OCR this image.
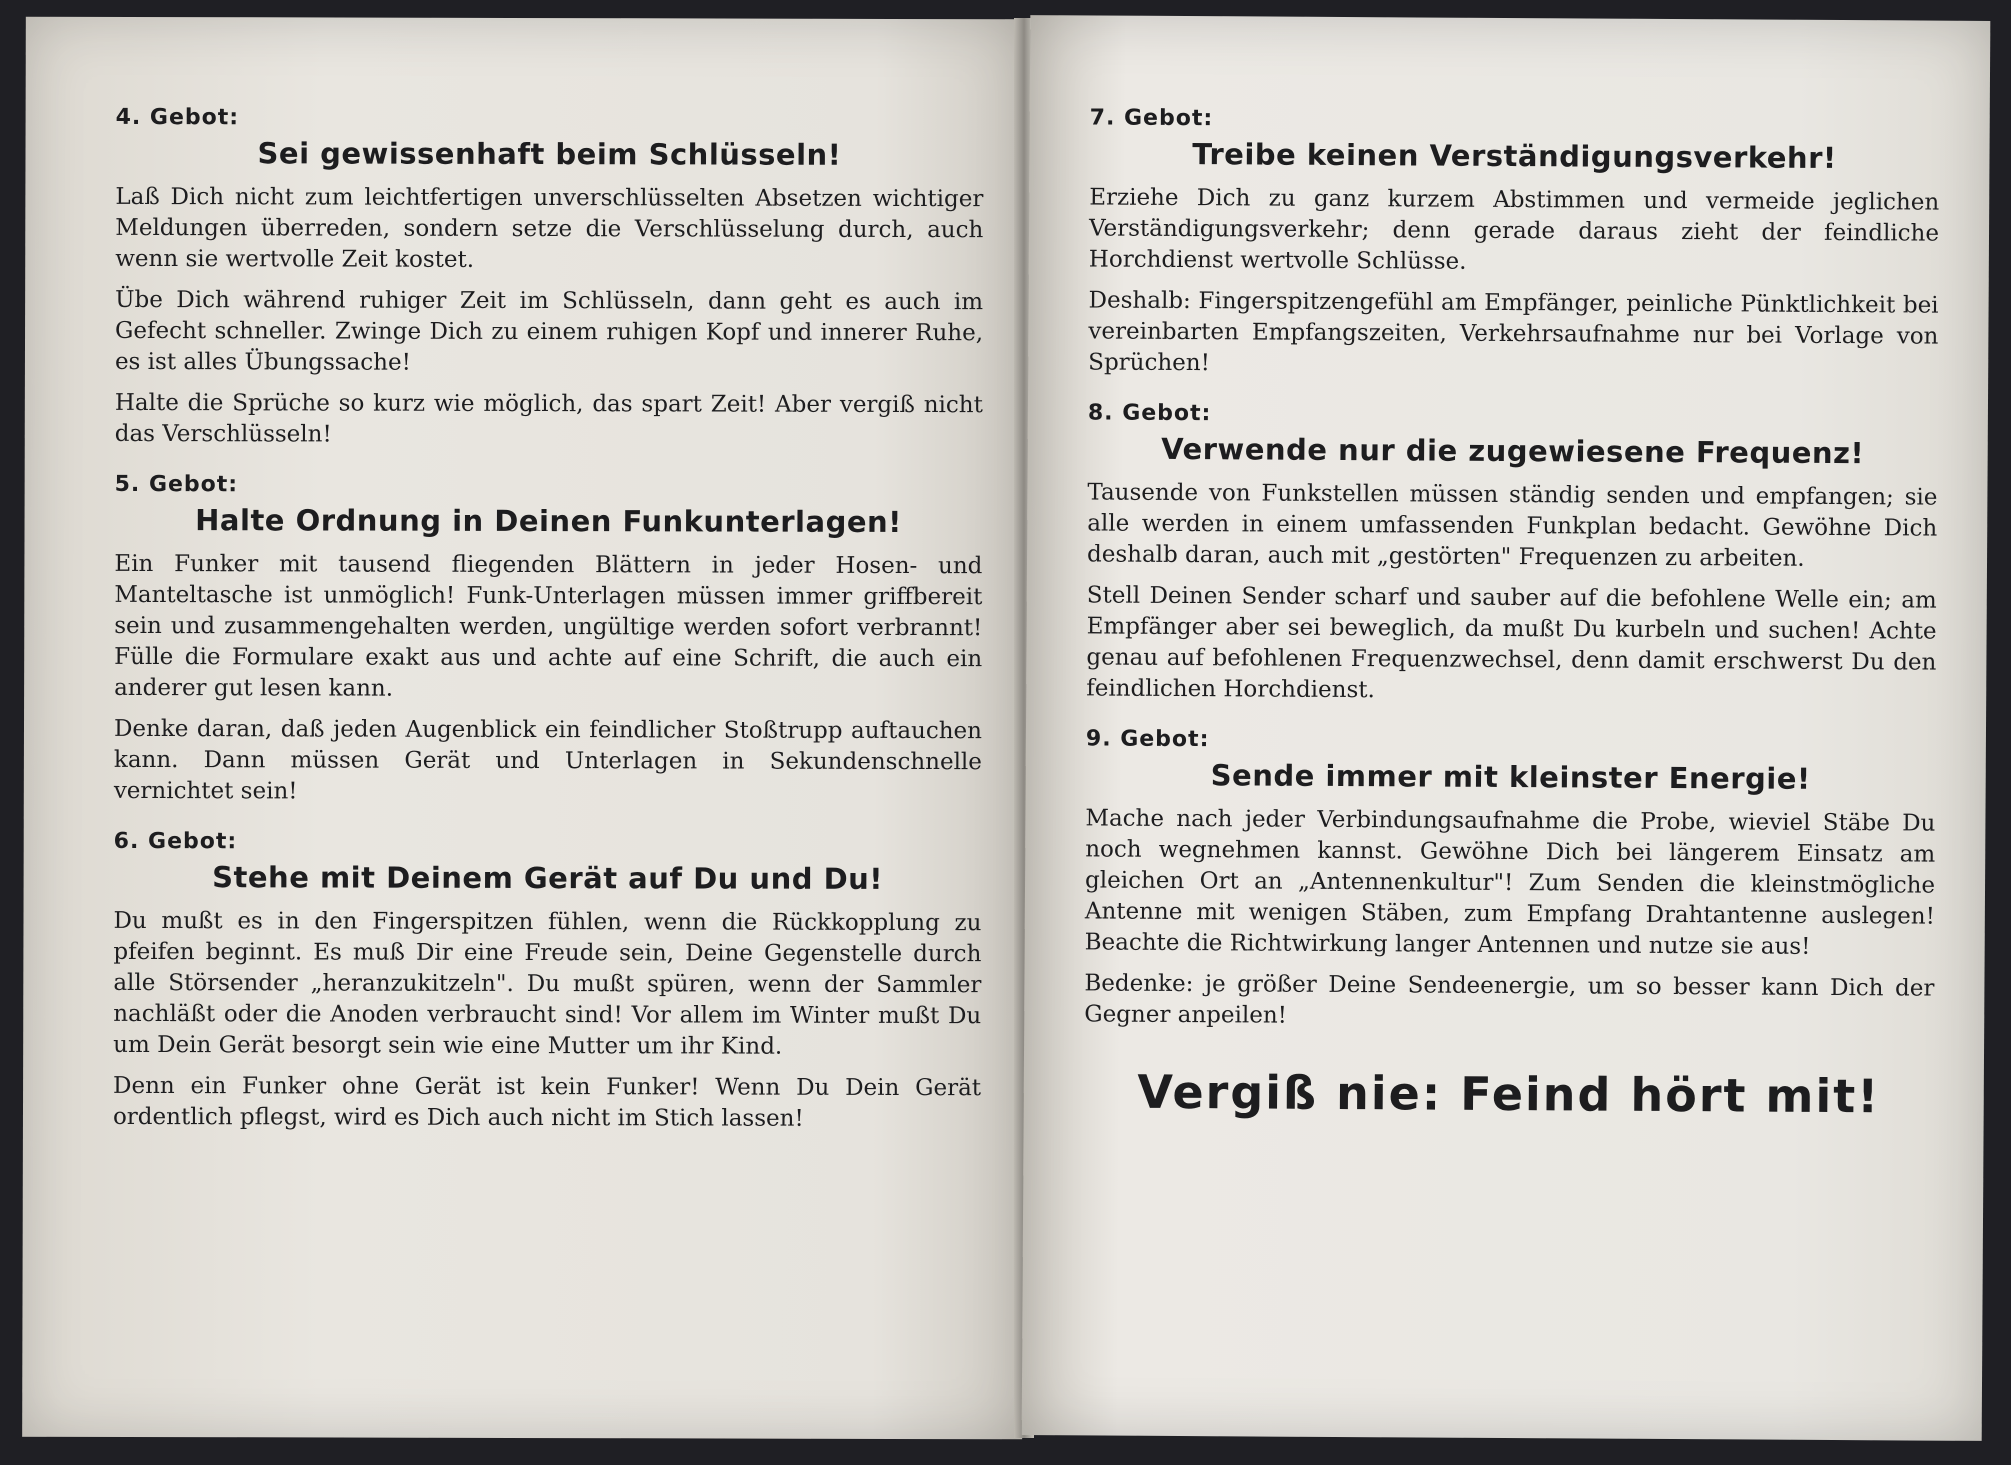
4. Gebot:
Sei gewissenhaft beim Schlüsseln!

Laß Dich nicht zum leichtfertigen unverschlüsselten Absetzen wichtiger Meldungen überreden, sondern setze die Verschlüsselung durch, auch wenn sie wertvolle Zeit kostet.

Übe Dich während ruhiger Zeit im Schlüsseln, dann geht es auch im Gefecht schneller. Zwinge Dich zu einem ruhigen Kopf und innerer Ruhe, es ist alles Übungssache!

Halte die Sprüche so kurz wie möglich, das spart Zeit! Aber vergiß nicht das Verschlüsseln!

5. Gebot:
Halte Ordnung in Deinen Funkunterlagen!

Ein Funker mit tausend fliegenden Blättern in jeder Hosen- und Manteltasche ist unmöglich! Funk-Unterlagen müssen immer griffbereit sein und zusammengehalten werden, ungültige werden sofort verbrannt! Fülle die Formulare exakt aus und achte auf eine Schrift, die auch ein anderer gut lesen kann.

Denke daran, daß jeden Augenblick ein feindlicher Stoßtrupp auftauchen kann. Dann müssen Gerät und Unterlagen in Sekundenschnelle vernichtet sein!

6. Gebot:
Stehe mit Deinem Gerät auf Du und Du!

Du mußt es in den Fingerspitzen fühlen, wenn die Rückkopplung zu pfeifen beginnt. Es muß Dir eine Freude sein, Deine Gegenstelle durch alle Störsender „heranzukitzeln". Du mußt spüren, wenn der Sammler nachläßt oder die Anoden verbraucht sind! Vor allem im Winter mußt Du um Dein Gerät besorgt sein wie eine Mutter um ihr Kind.

Denn ein Funker ohne Gerät ist kein Funker! Wenn Du Dein Gerät ordentlich pflegst, wird es Dich auch nicht im Stich lassen!

7. Gebot:
Treibe keinen Verständigungsverkehr!

Erziehe Dich zu ganz kurzem Abstimmen und vermeide jeglichen Verständigungsverkehr; denn gerade daraus zieht der feindliche Horchdienst wertvolle Schlüsse.

Deshalb: Fingerspitzengefühl am Empfänger, peinliche Pünktlichkeit bei vereinbarten Empfangszeiten, Verkehrsaufnahme nur bei Vorlage von Sprüchen!

8. Gebot:
Verwende nur die zugewiesene Frequenz!

Tausende von Funkstellen müssen ständig senden und empfangen; sie alle werden in einem umfassenden Funkplan bedacht. Gewöhne Dich deshalb daran, auch mit „gestörten" Frequenzen zu arbeiten.

Stell Deinen Sender scharf und sauber auf die befohlene Welle ein; am Empfänger aber sei beweglich, da mußt Du kurbeln und suchen! Achte genau auf befohlenen Frequenzwechsel, denn damit erschwerst Du den feindlichen Horchdienst.

9. Gebot:
Sende immer mit kleinster Energie!

Mache nach jeder Verbindungsaufnahme die Probe, wieviel Stäbe Du noch wegnehmen kannst. Gewöhne Dich bei längerem Einsatz am gleichen Ort an „Antennenkultur"! Zum Senden die kleinstmögliche Antenne mit wenigen Stäben, zum Empfang Drahtantenne auslegen! Beachte die Richtwirkung langer Antennen und nutze sie aus!

Bedenke: je größer Deine Sendeenergie, um so besser kann Dich der Gegner anpeilen!

Vergiß nie: Feind hört mit!
